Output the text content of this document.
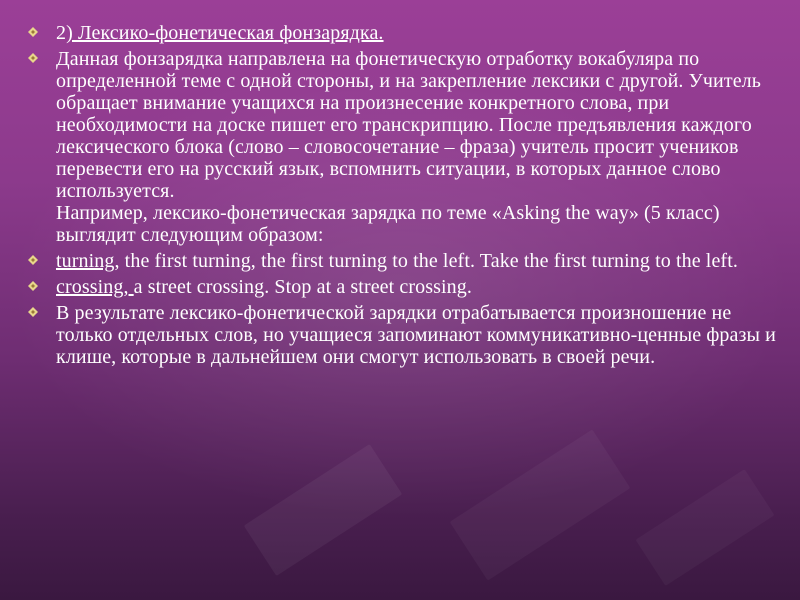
2) Лексико-фонетическая фонзарядка.
Данная фонзарядка направлена на фонетическую отработку вокабуляра по определенной теме с одной стороны, и на закрепление лексики с другой. Учитель обращает внимание учащихся на произнесение конкретного слова, при необходимости на доске пишет его транскрипцию. После предъявления каждого лексического блока (слово – словосочетание – фраза) учитель просит учеников перевести его на русский язык, вспомнить ситуации, в которых данное слово используется.
Например, лексико-фонетическая зарядка по теме «Asking the way» (5 класс) выглядит следующим образом:
turning, the first turning, the first turning to the left. Take the first turning to the left.
crossing, a street crossing. Stop at a street crossing.
В результате лексико-фонетической зарядки отрабатывается произношение не только отдельных слов, но учащиеся запоминают коммуникативно-ценные фразы и клише, которые в дальнейшем они смогут использовать в своей речи.
